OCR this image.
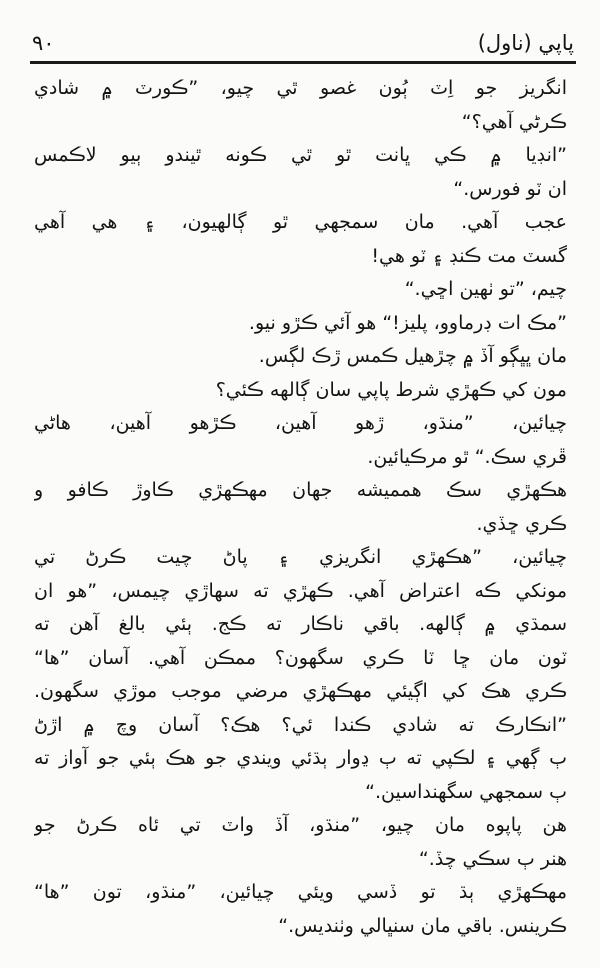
پاپي (ناول)
٩٠
انگريز جو اِٽ ٻُون غصو ٿي چيو، ”ڪورٽ ۾ شادي
ڪرڻي آهي؟“
”انڊيا ۾ ڪي ڀانت ٿو ٿي ڪونه ٿيندو ٻيو لاڪمس
ان ٽو فورس.“
عجب آهي. مان سمجهي ٿو ڳالهيون، ۽ هي آهي
گسٽ مت ڪنڊ ۽ ٽو هي!
چيم، ”تو ٺهين اڇي.“
”مڪ ات ڊرماوو، پليز!“ هو آئي ڪڙو نيو.
مان ڀڀڳو آڏ ۾ چڙهيل ڪمس ڙڪ لڳس.
مون کي ڪهڙي شرط پاپي سان ڳالهه ڪئي؟
چيائين، ”منڌو، ڙهو آهين، ڪڙهو آهين، هاڻي
ڦري سڪ.“ ٿو مرڪيائين.
هڪهڙي سڪ همميشه جهان مهڪهڙي ڪاوڙ ڪافو و
ڪري ڇڏي.
چيائين، ”هڪهڙي انگريزي ۽ پاڻ چيت ڪرڻ تي
مونکي ڪه اعتراض آهي. ڪهڙي ته سهاڙي چيمس، ”هو ان
سمڌي ۾ ڳالهه. باقي ناڪار ته ڪج. ٻئي بالغ آهن ته
ٽون مان ڇا ٽا ڪري سگهون؟ ممڪن آهي. آسان ”ها“
ڪري هڪ کي اڳيئي مهڪهڙي مرضي موجب موڙي سگهون.
”انڪارڪ ته شادي ڪندا ئي؟ هڪ؟ آسان وچ ۾ اڙڻ
ٻ ڳهي ۽ لڪپي ته ٻ ڍوار ٻڌئي ويندي جو هڪ ٻئي جو آواز ته
ٻ سمجهي سگهنداسين.“
هن پاپوه مان چيو، ”منڌو، آڏ واٽ تي ئاه ڪرڻ جو
هنر ٻ سڪي چڏ.“
مهڪهڙي ٻڌ تو ڏسي ويئي چيائين، ”منڌو، تون ”ها“
ڪرينس. باقي مان سنڀالي وٺنديس.“
